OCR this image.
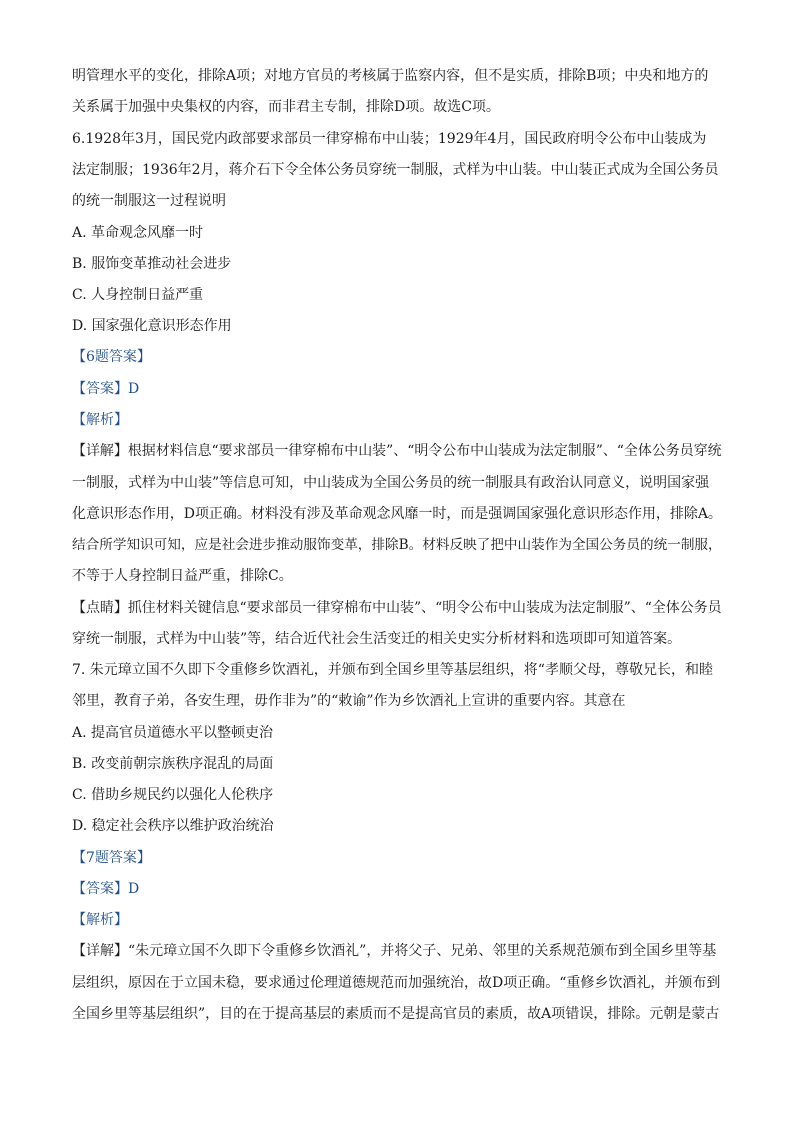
明管理水平的变化，排除A项；对地方官员的考核属于监察内容，但不是实质，排除B项；中央和地方的

关系属于加强中央集权的内容，而非君主专制，排除D项。故选C项。

6.1928年3月，国民党内政部要求部员一律穿棉布中山装；1929年4月，国民政府明令公布中山装成为

法定制服；1936年2月，蒋介石下令全体公务员穿统一制服，式样为中山装。中山装正式成为全国公务员

的统一制服这一过程说明

A. 革命观念风靡一时

B. 服饰变革推动社会进步

C. 人身控制日益严重

D. 国家强化意识形态作用

【6题答案】

【答案】D

【解析】

【详解】根据材料信息“要求部员一律穿棉布中山装”、“明令公布中山装成为法定制服”、“全体公务员穿统

一制服，式样为中山装”等信息可知，中山装成为全国公务员的统一制服具有政治认同意义，说明国家强

化意识形态作用，D项正确。材料没有涉及革命观念风靡一时，而是强调国家强化意识形态作用，排除A。

结合所学知识可知，应是社会进步推动服饰变革，排除B。材料反映了把中山装作为全国公务员的统一制服，

不等于人身控制日益严重，排除C。

【点睛】抓住材料关键信息“要求部员一律穿棉布中山装”、“明令公布中山装成为法定制服”、“全体公务员

穿统一制服，式样为中山装”等，结合近代社会生活变迁的相关史实分析材料和选项即可知道答案。

7. 朱元璋立国不久即下令重修乡饮酒礼，并颁布到全国乡里等基层组织，将“孝顺父母，尊敬兄长，和睦

邻里，教育子弟，各安生理，毋作非为”的“敕谕”作为乡饮酒礼上宣讲的重要内容。其意在

A. 提高官员道德水平以整顿吏治

B. 改变前朝宗族秩序混乱的局面

C. 借助乡规民约以强化人伦秩序

D. 稳定社会秩序以维护政治统治

【7题答案】

【答案】D

【解析】

【详解】“朱元璋立国不久即下令重修乡饮酒礼”，并将父子、兄弟、邻里的关系规范颁布到全国乡里等基

层组织，原因在于立国未稳，要求通过伦理道德规范而加强统治，故D项正确。“重修乡饮酒礼，并颁布到

全国乡里等基层组织”，目的在于提高基层的素质而不是提高官员的素质，故A项错误，排除。元朝是蒙古
